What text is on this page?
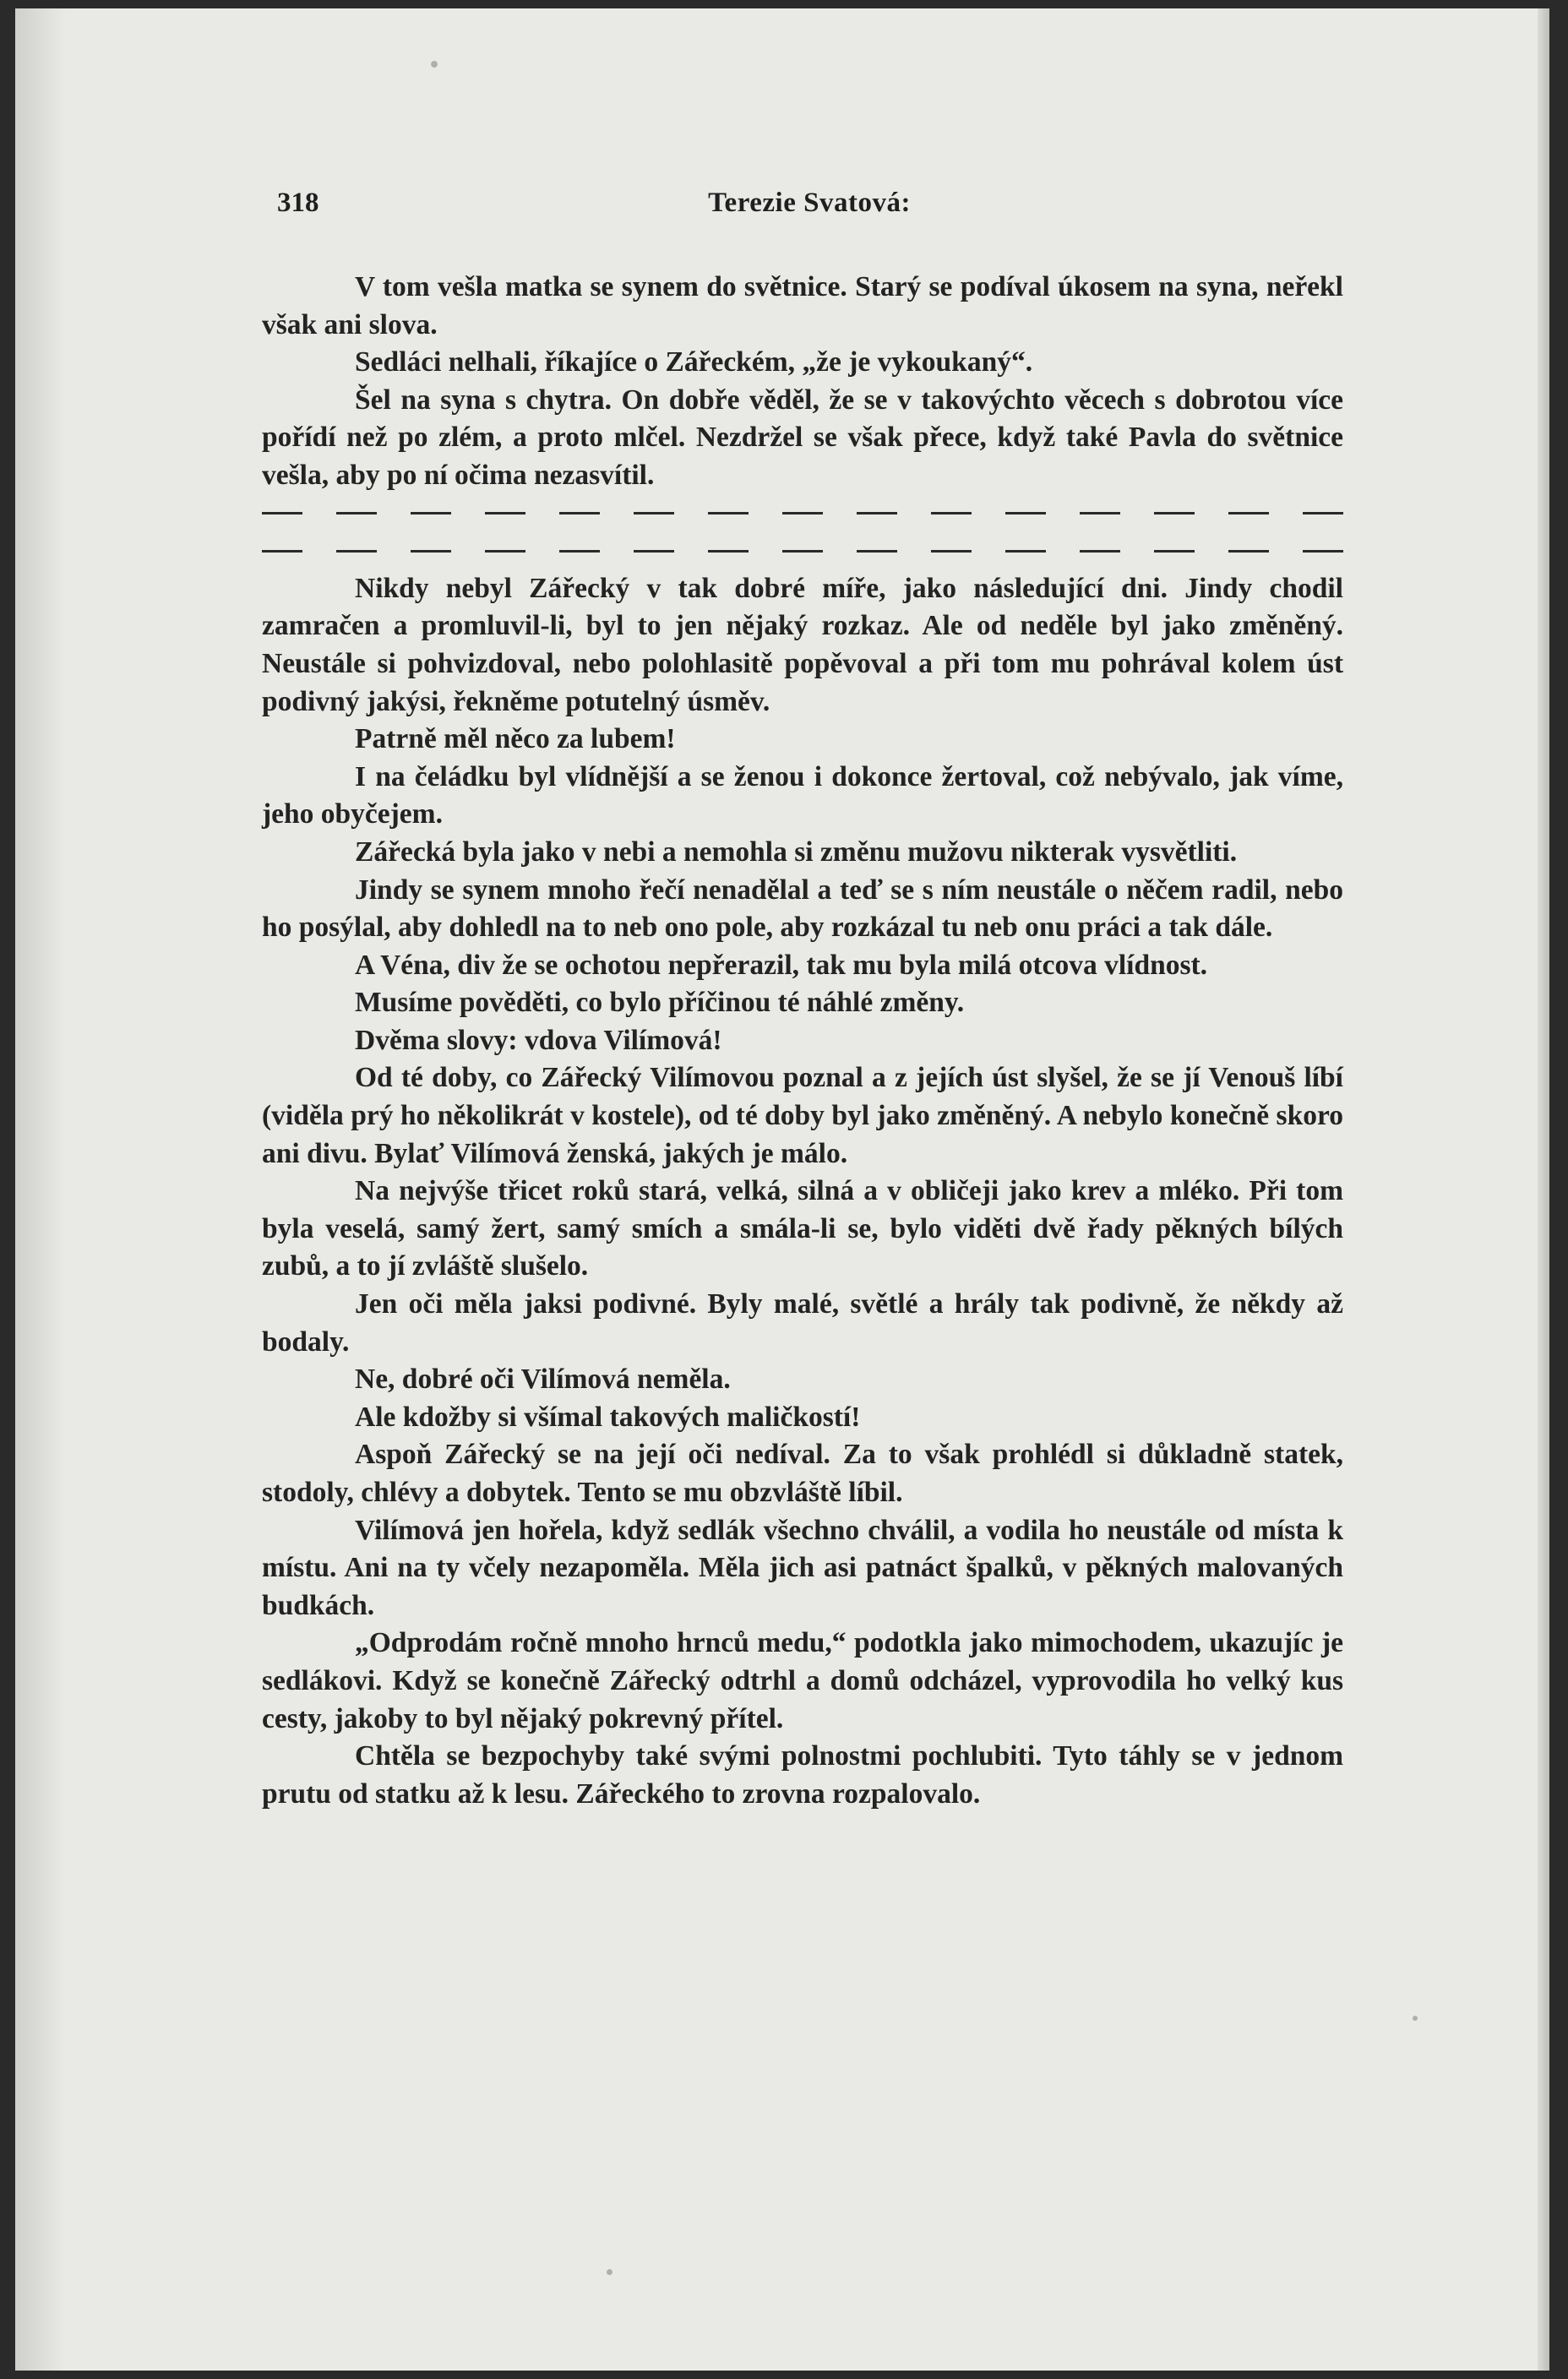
318	Terezie Svatová:

V tom vešla matka se synem do světnice. Starý se podíval úkosem na syna, neřekl však ani slova.

Sedláci nelhali, říkajíce o Zářeckém, „že je vykoukaný“.

Šel na syna s chytra. On dobře věděl, že se v takovýchto věcech s dobrotou více pořídí než po zlém, a proto mlčel. Nezdržel se však přece, když také Pavla do světnice vešla, aby po ní očima nezasvítil.

Nikdy nebyl Zářecký v tak dobré míře, jako následující dni. Jindy chodil zamračen a promluvil-li, byl to jen nějaký rozkaz. Ale od neděle byl jako změněný. Neustále si pohvizdoval, nebo polohlasitě popěvoval a při tom mu pohrával kolem úst podivný jakýsi, řekněme potutelný úsměv.

Patrně měl něco za lubem!

I na čeládku byl vlídnější a se ženou i dokonce žertoval, což nebývalo, jak víme, jeho obyčejem.

Zářecká byla jako v nebi a nemohla si změnu mužovu nikterak vysvětliti.

Jindy se synem mnoho řečí nenadělal a teď se s ním neustále o něčem radil, nebo ho posýlal, aby dohledl na to neb ono pole, aby rozkázal tu neb onu práci a tak dále.

A Véna, div že se ochotou nepřerazil, tak mu byla milá otcova vlídnost.

Musíme pověděti, co bylo příčinou té náhlé změny.

Dvěma slovy: vdova Vilímová!

Od té doby, co Zářecký Vilímovou poznal a z jejích úst slyšel, že se jí Venouš líbí (viděla prý ho několikrát v kostele), od té doby byl jako změněný. A nebylo konečně skoro ani divu. Bylať Vilímová ženská, jakých je málo.

Na nejvýše třicet roků stará, velká, silná a v obličeji jako krev a mléko. Při tom byla veselá, samý žert, samý smích a smála-li se, bylo viděti dvě řady pěkných bílých zubů, a to jí zvláště slušelo.

Jen oči měla jaksi podivné. Byly malé, světlé a hrály tak podivně, že někdy až bodaly.

Ne, dobré oči Vilímová neměla.

Ale kdožby si všímal takových maličkostí!

Aspoň Zářecký se na její oči nedíval. Za to však prohlédl si důkladně statek, stodoly, chlévy a dobytek. Tento se mu obzvláště líbil.

Vilímová jen hořela, když sedlák všechno chválil, a vodila ho neustále od místa k místu. Ani na ty včely nezapoměla. Měla jich asi patnáct špalků, v pěkných malovaných budkách.

„Odprodám ročně mnoho hrnců medu,“ podotkla jako mimochodem, ukazujíc je sedlákovi. Když se konečně Zářecký odtrhl a domů odcházel, vyprovodila ho velký kus cesty, jakoby to byl nějaký pokrevný přítel.

Chtěla se bezpochyby také svými polnostmi pochlubiti. Tyto táhly se v jednom prutu od statku až k lesu. Zářeckého to zrovna rozpalovalo.
